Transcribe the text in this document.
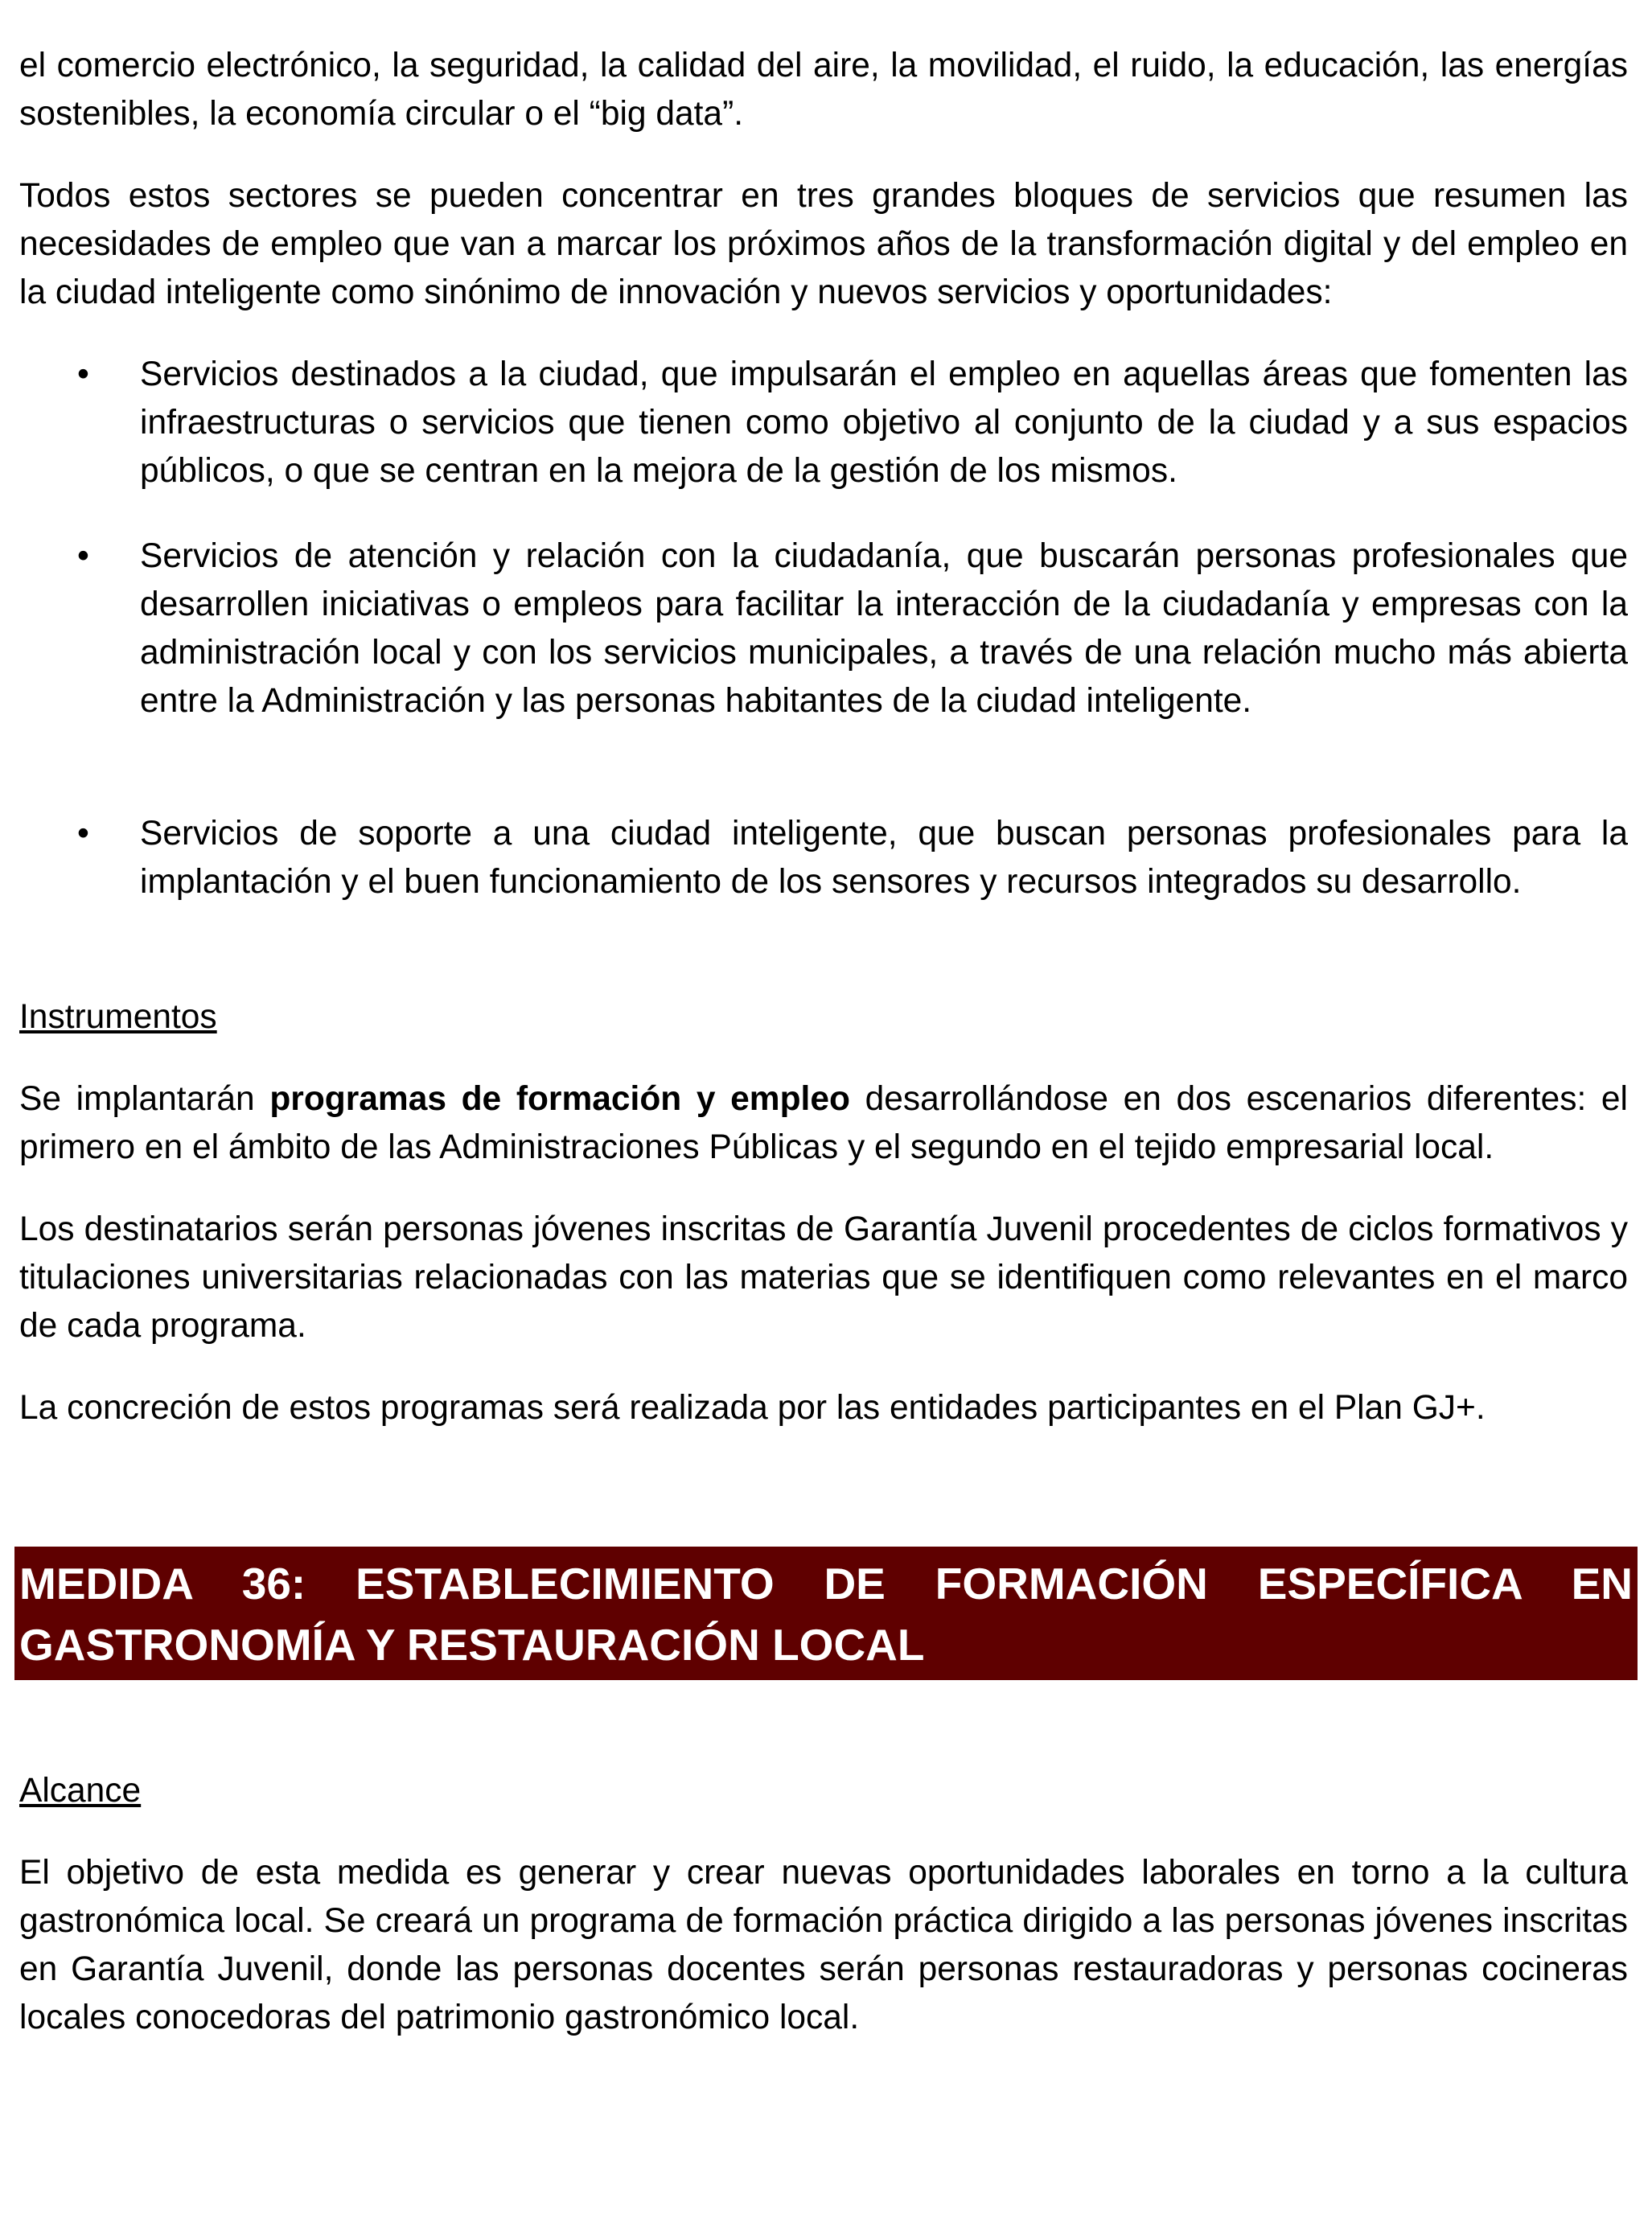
el comercio electrónico, la seguridad, la calidad del aire, la movilidad, el ruido, la educación, las energías sostenibles, la economía circular o el “big data”.

Todos estos sectores se pueden concentrar en tres grandes bloques de servicios que resumen las necesidades de empleo que van a marcar los próximos años de la transformación digital y del empleo en la ciudad inteligente como sinónimo de innovación y nuevos servicios y oportunidades:

• Servicios destinados a la ciudad, que impulsarán el empleo en aquellas áreas que fomenten las infraestructuras o servicios que tienen como objetivo al conjunto de la ciudad y a sus espacios públicos, o que se centran en la mejora de la gestión de los mismos.

• Servicios de atención y relación con la ciudadanía, que buscarán personas profesionales que desarrollen iniciativas o empleos para facilitar la interacción de la ciudadanía y empresas con la administración local y con los servicios municipales, a través de una relación mucho más abierta entre la Administración y las personas habitantes de la ciudad inteligente.

• Servicios de soporte a una ciudad inteligente, que buscan personas profesionales para la implantación y el buen funcionamiento de los sensores y recursos integrados su desarrollo.

Instrumentos

Se implantarán programas de formación y empleo desarrollándose en dos escenarios diferentes: el primero en el ámbito de las Administraciones Públicas y el segundo en el tejido empresarial local.

Los destinatarios serán personas jóvenes inscritas de Garantía Juvenil procedentes de ciclos formativos y titulaciones universitarias relacionadas con las materias que se identifiquen como relevantes en el marco de cada programa.

La concreción de estos programas será realizada por las entidades participantes en el Plan GJ+.

MEDIDA 36: ESTABLECIMIENTO DE FORMACIÓN ESPECÍFICA EN GASTRONOMÍA Y RESTAURACIÓN LOCAL

Alcance

El objetivo de esta medida es generar y crear nuevas oportunidades laborales en torno a la cultura gastronómica local. Se creará un programa de formación práctica dirigido a las personas jóvenes inscritas en Garantía Juvenil, donde las personas docentes serán personas restauradoras y personas cocineras locales conocedoras del patrimonio gastronómico local.
